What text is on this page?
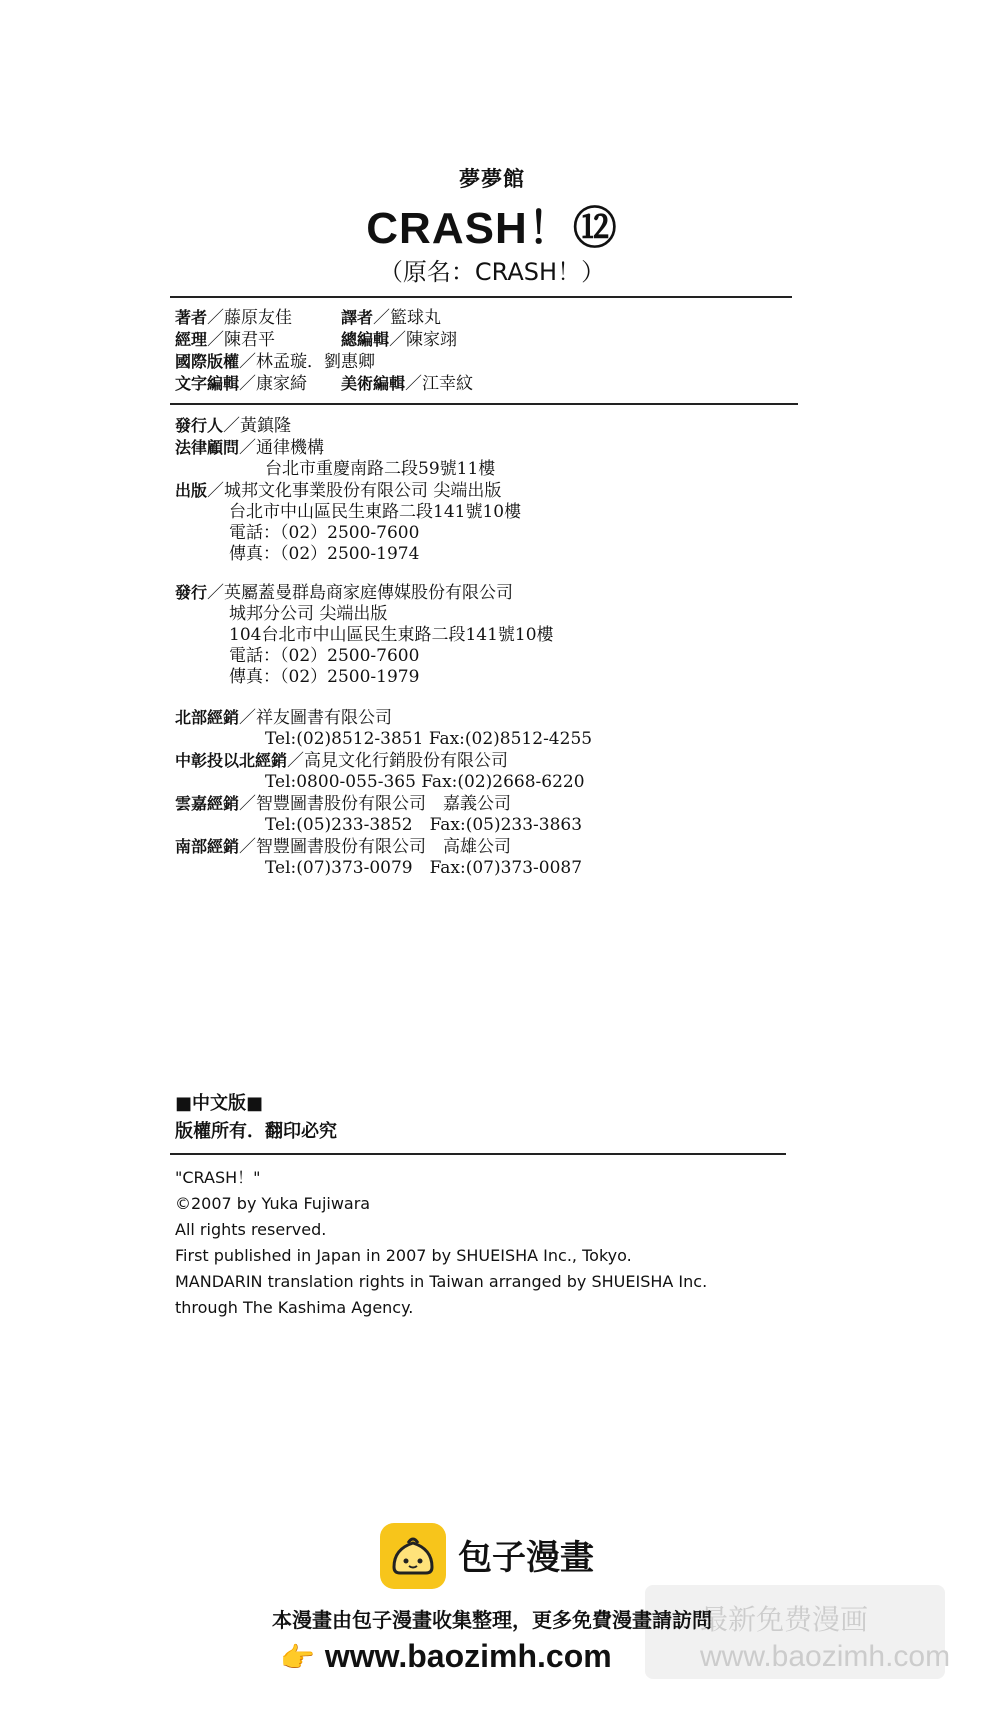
夢夢館
CRASH！⑫
（原名：CRASH！）
著者／藤原友佳	譯者／籃球丸
經理／陳君平	總編輯／陳家翊
國際版權／林孟璇．劉惠卿
文字編輯／康家綺 美術編輯／江幸紋
發行人／黃鎮隆
法律顧問／通律機構
台北市重慶南路二段59號11樓
出版／城邦文化事業股份有限公司 尖端出版
台北市中山區民生東路二段141號10樓
電話：（02）2500-7600
傳真：（02）2500-1974
發行／英屬蓋曼群島商家庭傳媒股份有限公司
城邦分公司 尖端出版
104台北市中山區民生東路二段141號10樓
電話：（02）2500-7600
傳真：（02）2500-1979
北部經銷／祥友圖書有限公司
Tel:(02)8512-3851 Fax:(02)8512-4255
中彰投以北經銷／高見文化行銷股份有限公司
Tel:0800-055-365 Fax:(02)2668-6220
雲嘉經銷／智豐圖書股份有限公司　嘉義公司
Tel:(05)233-3852　Fax:(05)233-3863
南部經銷／智豐圖書股份有限公司　高雄公司
Tel:(07)373-0079　Fax:(07)373-0087
■中文版■
版權所有．翻印必究
"CRASH！"
©2007 by Yuka Fujiwara
All rights reserved.
First published in Japan in 2007 by SHUEISHA Inc., Tokyo.
MANDARIN translation rights in Taiwan arranged by SHUEISHA Inc.
through The Kashima Agency.
包子漫畫
最新免费漫画
www.baozimh.com
本漫畫由包子漫畫收集整理，更多免費漫畫請訪問
👉 www.baozimh.com
